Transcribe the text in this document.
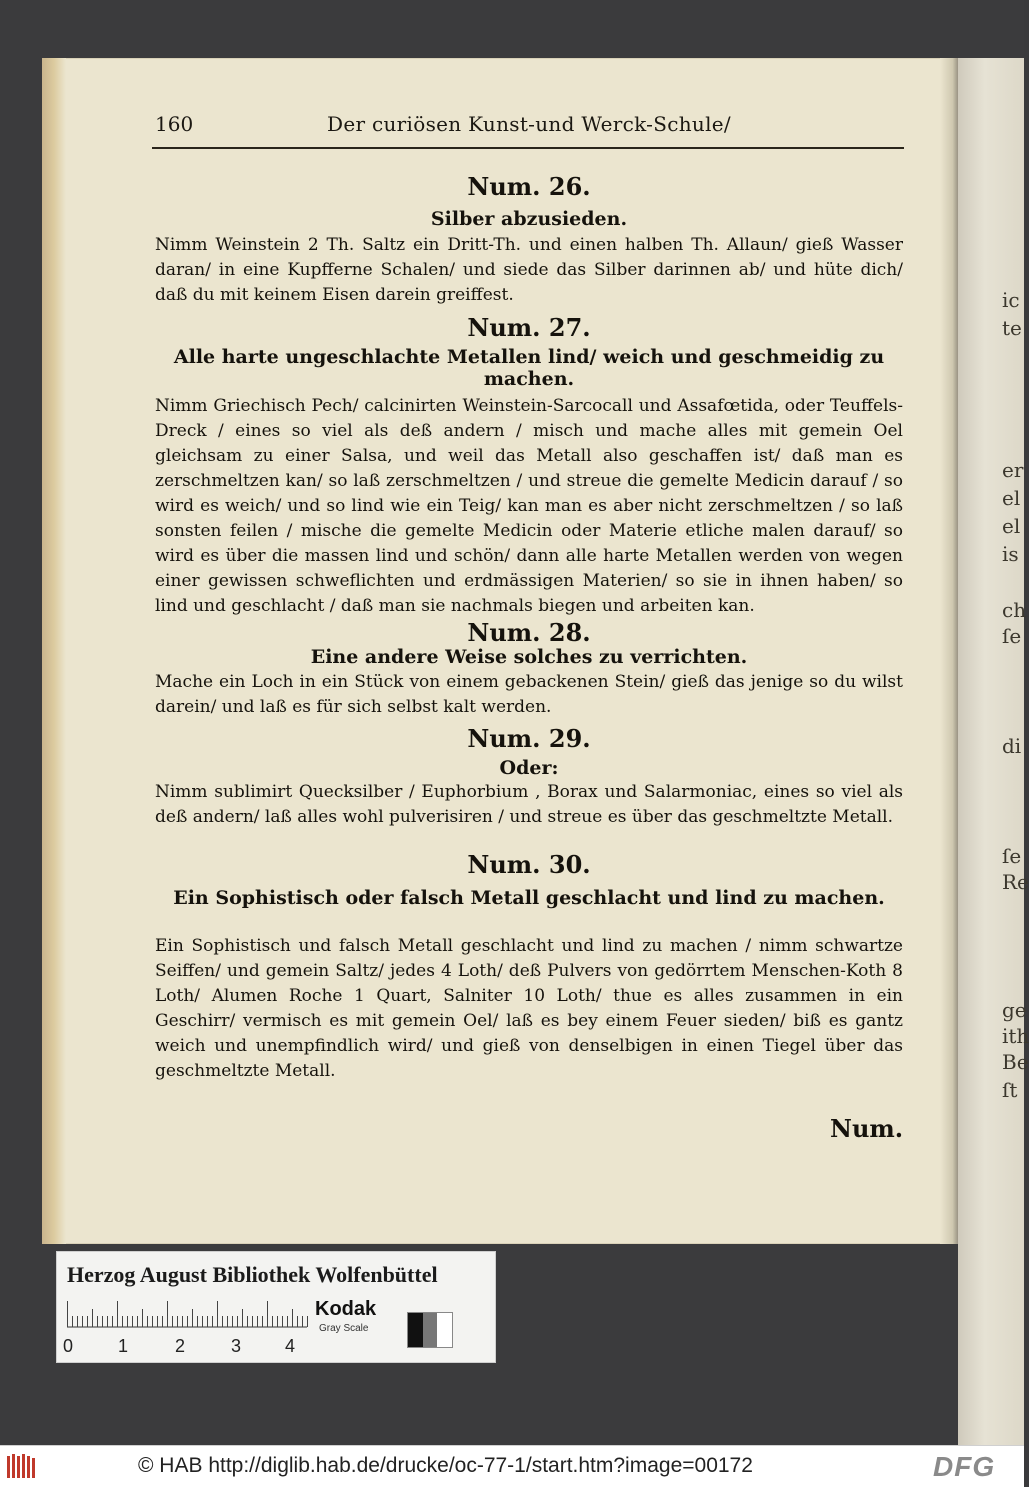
ic
te
er
el
el
is
ch
ſe
di
ſe
Re
ge
ith
Be
ſt
160	Der curiösen Kunst-und Werck-Schule/
Num. 26.
Silber abzusieden.
Nimm Weinstein 2 Th. Saltz ein Dritt-Th. und einen halben Th. Allaun/ gieß Wasser daran/ in eine Kupfferne Schalen/ und siede das Silber darinnen ab/ und hüte dich/ daß du mit keinem Eisen darein greiffest.
Num. 27.
Alle harte ungeschlachte Metallen lind/ weich und geschmeidig zu machen.
Nimm Griechisch Pech/ calcinirten Weinstein-Sarcocall und Assafœtida, oder Teuffels-Dreck / eines so viel als deß andern / misch und mache alles mit gemein Oel gleichsam zu einer Salsa, und weil das Metall also geschaffen ist/ daß man es zerschmeltzen kan/ so laß zerschmeltzen / und streue die gemelte Medicin darauf / so wird es weich/ und so lind wie ein Teig/ kan man es aber nicht zerschmeltzen / so laß sonsten feilen / mische die gemelte Medicin oder Materie etliche malen darauf/ so wird es über die massen lind und schön/ dann alle harte Metallen werden von wegen einer gewissen schweflichten und erdmässigen Materien/ so sie in ihnen haben/ so lind und geschlacht / daß man sie nachmals biegen und arbeiten kan.
Num. 28.
Eine andere Weise solches zu verrichten.
Mache ein Loch in ein Stück von einem gebackenen Stein/ gieß das jenige so du wilst darein/ und laß es für sich selbst kalt werden.
Num. 29.
Oder:
Nimm sublimirt Quecksilber / Euphorbium , Borax und Salarmoniac, eines so viel als deß andern/ laß alles wohl pulverisiren / und streue es über das geschmeltzte Metall.
Num. 30.
Ein Sophistisch oder falsch Metall geschlacht und lind zu machen.
Ein Sophistisch und falsch Metall geschlacht und lind zu machen / nimm schwartze Seiffen/ und gemein Saltz/ jedes 4 Loth/ deß Pulvers von gedörrtem Menschen-Koth 8 Loth/ Alumen Roche 1 Quart, Salniter 10 Loth/ thue es alles zusammen in ein Geschirr/ vermisch es mit gemein Oel/ laß es bey einem Feuer sieden/ biß es gantz weich und unempfindlich wird/ und gieß von denselbigen in einen Tiegel über das geschmeltzte Metall.
Num.
Herzog August Bibliothek Wolfenbüttel
0 1	2	3 4
Kodak
Gray Scale
© HAB http://diglib.hab.de/drucke/oc-77-1/start.htm?image=00172	DFG
